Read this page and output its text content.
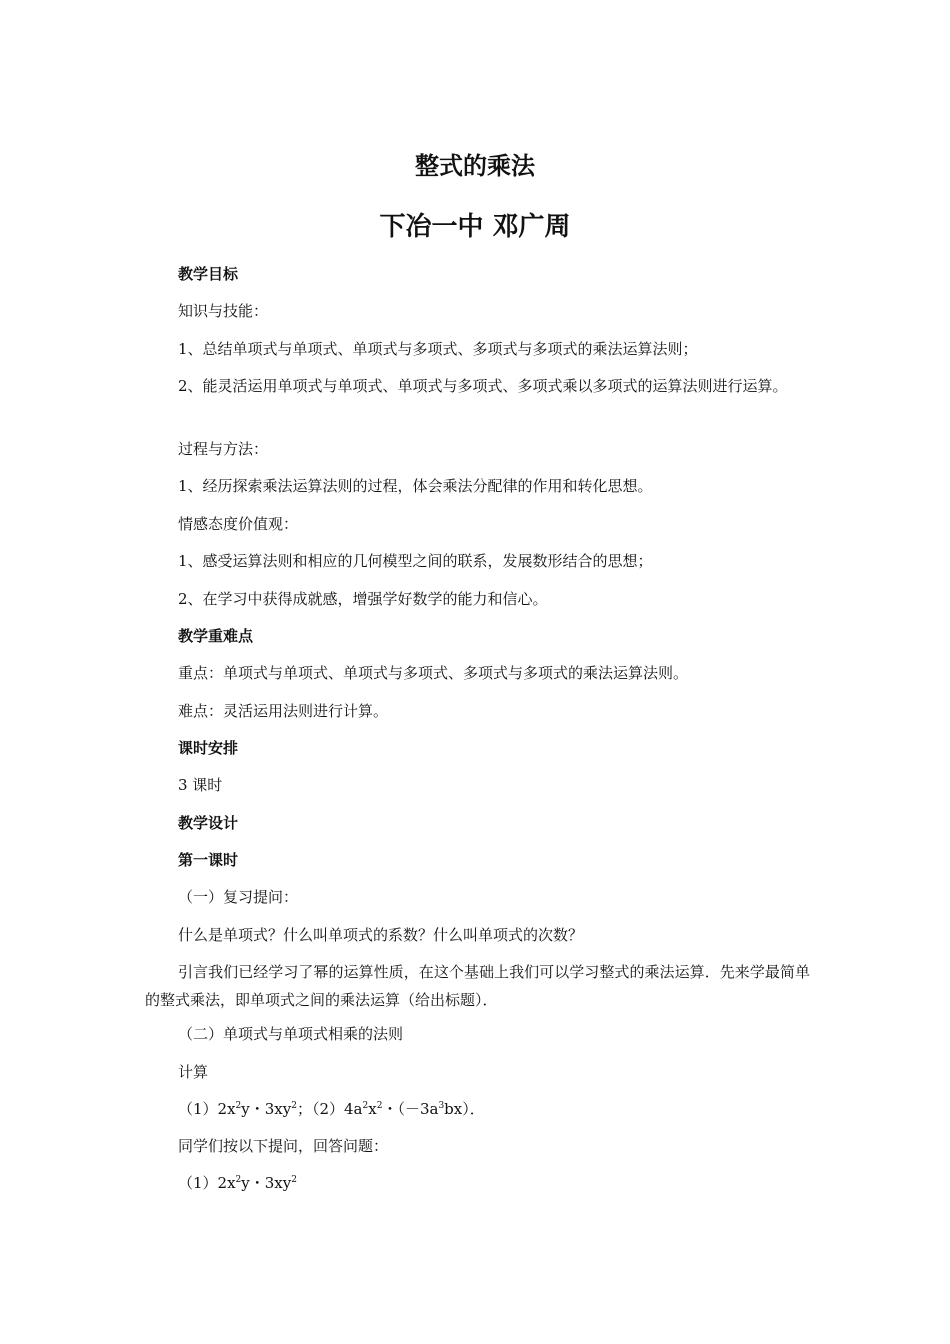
整式的乘法
下冶一中 邓广周
教学目标
知识与技能：
1、总结单项式与单项式、单项式与多项式、多项式与多项式的乘法运算法则；
2、能灵活运用单项式与单项式、单项式与多项式、多项式乘以多项式的运算法则进行运算。
过程与方法：
1、经历探索乘法运算法则的过程，体会乘法分配律的作用和转化思想。
情感态度价值观：
1、感受运算法则和相应的几何模型之间的联系，发展数形结合的思想；
2、在学习中获得成就感，增强学好数学的能力和信心。
教学重难点
重点：单项式与单项式、单项式与多项式、多项式与多项式的乘法运算法则。
难点：灵活运用法则进行计算。
课时安排
3 课时
教学设计
第一课时
（一）复习提问：
什么是单项式？什么叫单项式的系数？什么叫单项式的次数？
引言我们已经学习了幂的运算性质，在这个基础上我们可以学习整式的乘法运算．先来学最简单的整式乘法，即单项式之间的乘法运算（给出标题）．
（二）单项式与单项式相乘的法则
计算
$(1)2x^2y$・$3xy^2$；$(2)4a^2x^2$・$(-3a^3bx)$．
同学们按以下提问，回答问题：
$(1)2x^2y$・$3xy^2$
